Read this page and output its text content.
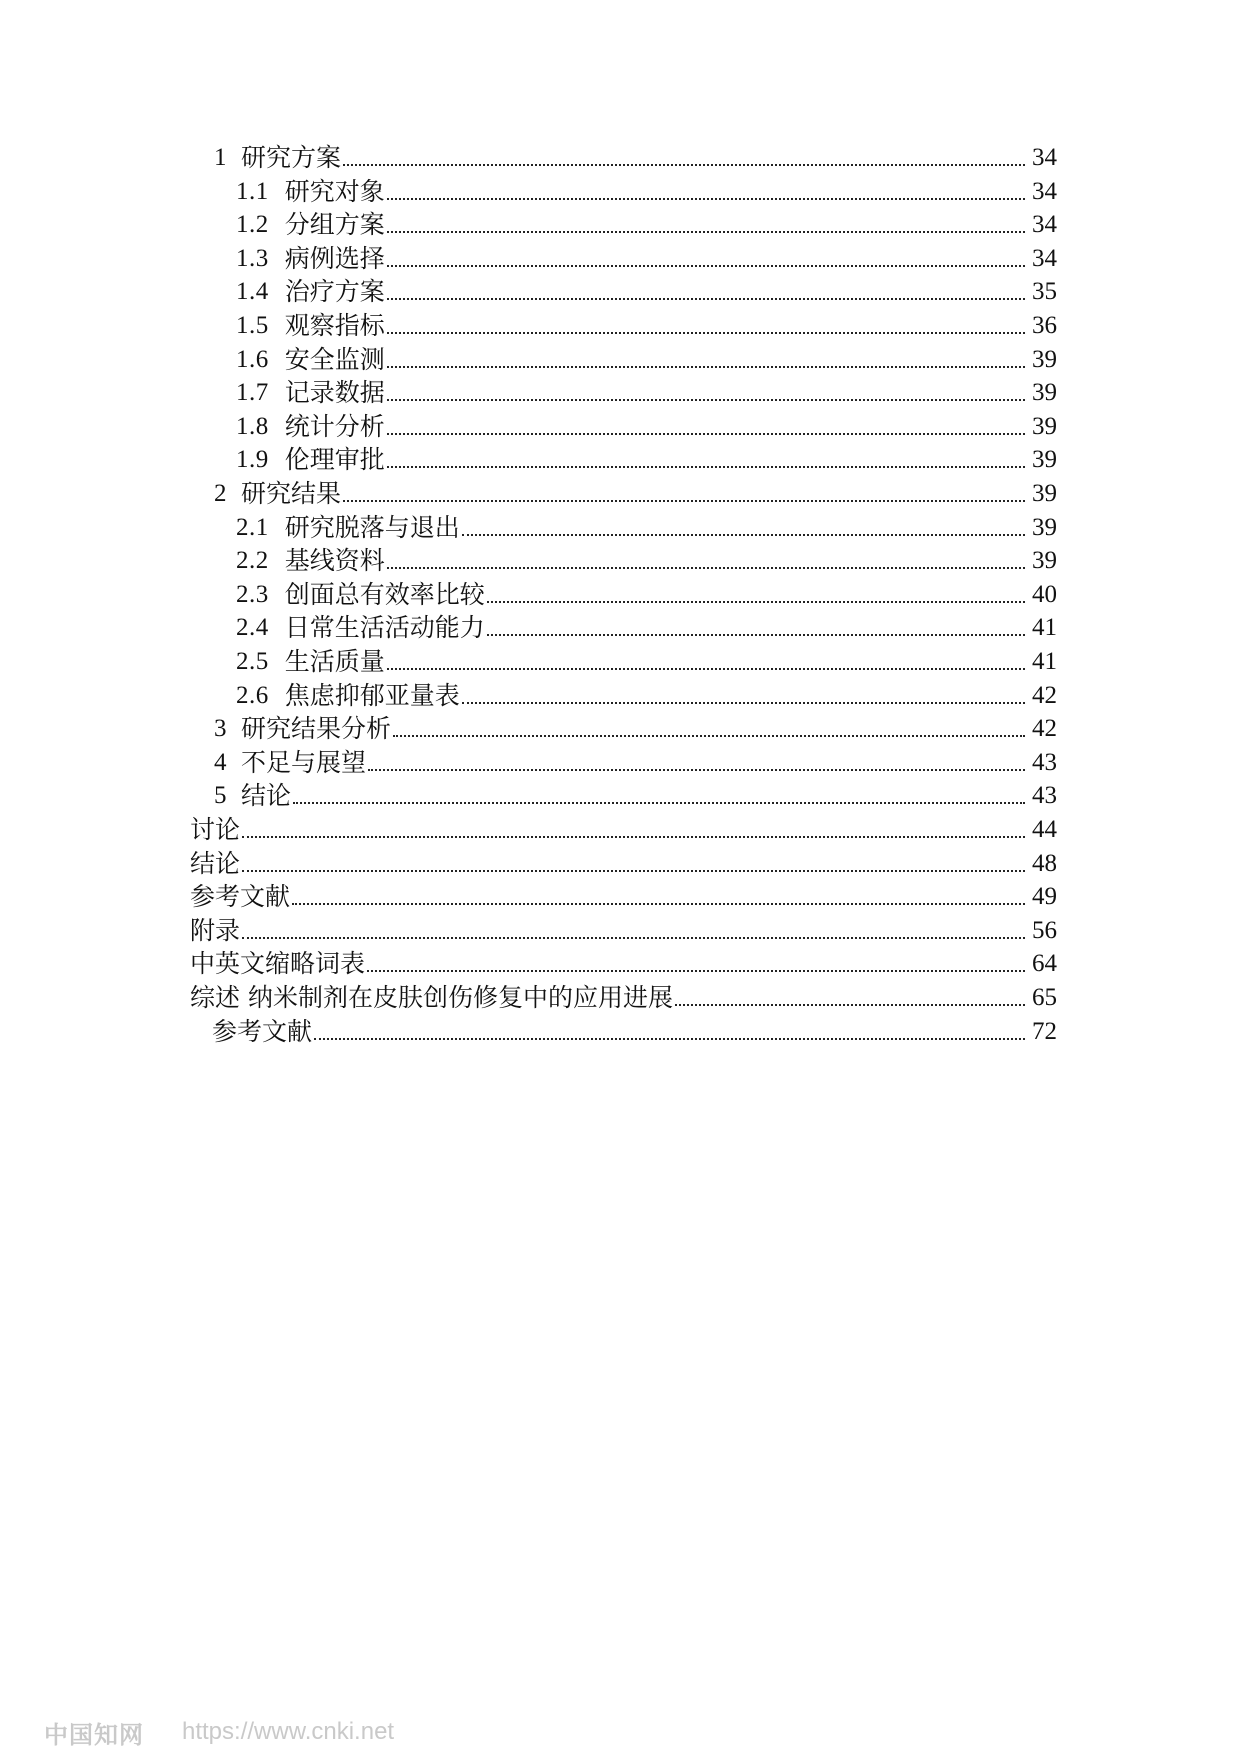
1 研究方案	34
1.1 研究对象	34
1.2 分组方案	34
1.3 病例选择	34
1.4 治疗方案	35
1.5 观察指标	36
1.6 安全监测	39
1.7 记录数据	39
1.8 统计分析	39
1.9 伦理审批	39
2 研究结果	39
2.1 研究脱落与退出	39
2.2 基线资料	39
2.3 创面总有效率比较	40
2.4 日常生活活动能力	41
2.5 生活质量	41
2.6 焦虑抑郁亚量表	42
3 研究结果分析	42
4 不足与展望	43
5 结论	43
讨论	44
结论	48
参考文献	49
附录	56
中英文缩略词表	64
综述 纳米制剂在皮肤创伤修复中的应用进展	65
参考文献	72
中国知网 https://www.cnki.net
